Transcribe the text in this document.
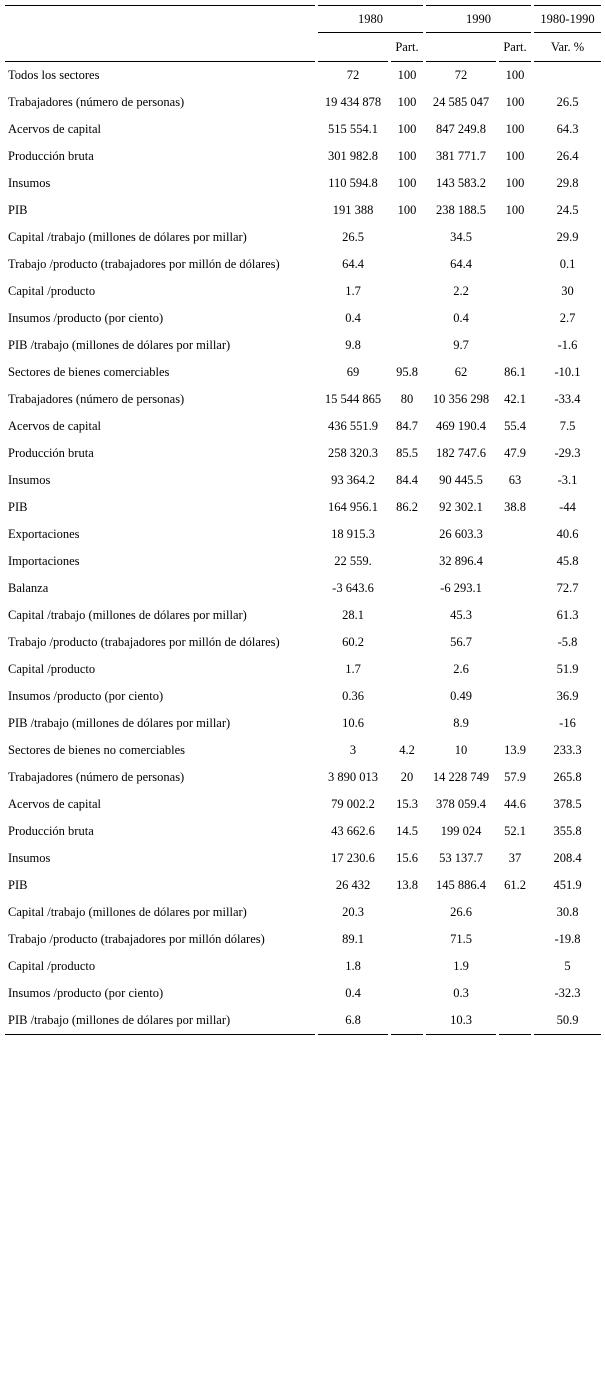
	1980		1990		1980-1990
		Part.		Part.	Var. %
Todos los sectores	72	100	72	100	
Trabajadores (número de personas)	19 434 878	100	24 585 047	100	26.5
Acervos de capital	515 554.1	100	847 249.8	100	64.3
Producción bruta	301 982.8	100	381 771.7	100	26.4
Insumos	110 594.8	100	143 583.2	100	29.8
PIB	191 388	100	238 188.5	100	24.5
Capital /trabajo (millones de dólares por millar)	26.5		34.5		29.9
Trabajo /producto (trabajadores por millón de dólares)	64.4		64.4		0.1
Capital /producto	1.7		2.2		30
Insumos /producto (por ciento)	0.4		0.4		2.7
PIB /trabajo (millones de dólares por millar)	9.8		9.7		-1.6
Sectores de bienes comerciables	69	95.8	62	86.1	-10.1
Trabajadores (número de personas)	15 544 865	80	10 356 298	42.1	-33.4
Acervos de capital	436 551.9	84.7	469 190.4	55.4	7.5
Producción bruta	258 320.3	85.5	182 747.6	47.9	-29.3
Insumos	93 364.2	84.4	90 445.5	63	-3.1
PIB	164 956.1	86.2	92 302.1	38.8	-44
Exportaciones	18 915.3		26 603.3		40.6
Importaciones	22 559.		32 896.4		45.8
Balanza	-3 643.6		-6 293.1		72.7
Capital /trabajo (millones de dólares por millar)	28.1		45.3		61.3
Trabajo /producto (trabajadores por millón de dólares)	60.2		56.7		-5.8
Capital /producto	1.7		2.6		51.9
Insumos /producto (por ciento)	0.36		0.49		36.9
PIB /trabajo (millones de dólares por millar)	10.6		8.9		-16
Sectores de bienes no comerciables	3	4.2	10	13.9	233.3
Trabajadores (número de personas)	3 890 013	20	14 228 749	57.9	265.8
Acervos de capital	79 002.2	15.3	378 059.4	44.6	378.5
Producción bruta	43 662.6	14.5	199 024	52.1	355.8
Insumos	17 230.6	15.6	53 137.7	37	208.4
PIB	26 432	13.8	145 886.4	61.2	451.9
Capital /trabajo (millones de dólares por millar)	20.3		26.6		30.8
Trabajo /producto (trabajadores por millón dólares)	89.1		71.5		-19.8
Capital /producto	1.8		1.9		5
Insumos /producto (por ciento)	0.4		0.3		-32.3
PIB /trabajo (millones de dólares por millar)	6.8		10.3		50.9
